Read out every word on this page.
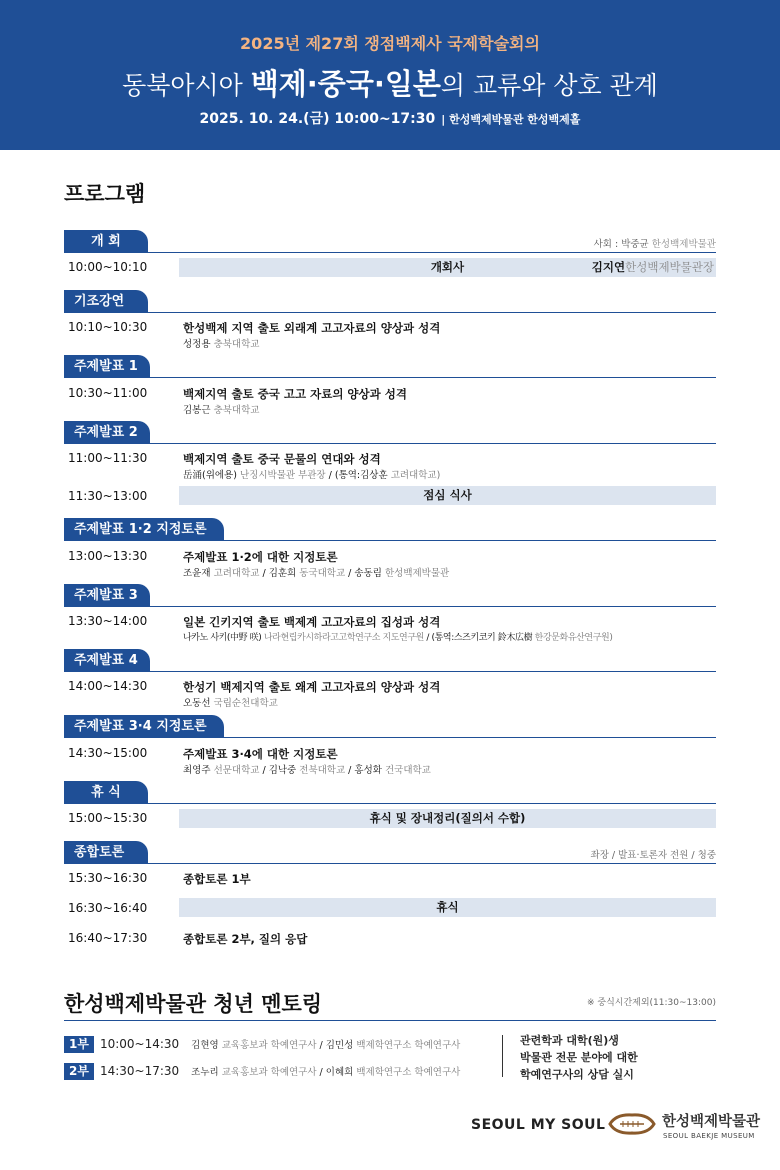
2025년 제27회 쟁점백제사 국제학술회의
동북아시아 백제·중국·일본의 교류와 상호 관계
2025. 10. 24.(금) 10:00~17:30 | 한성백제박물관 한성백제홀
프로그램
개 회	사회 : 박중균 한성백제박물관
10:00~10:10	개회사	김지연한성백제박물관장
기조강연
10:10~10:30	한성백제 지역 출토 외래계 고고자료의 양상과 성격
성정용 충북대학교
주제발표 1
10:30~11:00	백제지역 출토 중국 고고 자료의 양상과 성격
김봉근 충북대학교
주제발표 2
11:00~11:30	백제지역 출토 중국 문물의 연대와 성격
岳涌(위에용) 난징시박물관 부관장 / (통역:김상훈 고려대학교)
11:30~13:00	점심 식사
주제발표 1·2 지정토론
13:00~13:30	주제발표 1·2에 대한 지정토론
조윤재 고려대학교 / 김훈희 동국대학교 / 송동림 한성백제박물관
주제발표 3
13:30~14:00	일본 긴키지역 출토 백제계 고고자료의 집성과 성격
나카노 사키(中野 咲) 나라현립카시하라고고학연구소 지도연구원 / (통역:스즈키코키 鈴木広樹 한강문화유산연구원)
주제발표 4
14:00~14:30	한성기 백제지역 출토 왜계 고고자료의 양상과 성격
오동선 국립순천대학교
주제발표 3·4 지정토론
14:30~15:00	주제발표 3·4에 대한 지정토론
최영주 선문대학교 / 김낙중 전북대학교 / 홍성화 건국대학교
휴 식
15:00~15:30	휴식 및 장내정리(질의서 수합)
종합토론	좌장 / 발표·토론자 전원 / 청중
15:30~16:30	종합토론 1부
16:30~16:40	휴식
16:40~17:30	종합토론 2부, 질의 응답
한성백제박물관 청년 멘토링	※ 중식시간제외(11:30~13:00)
1부 10:00~14:30 김현영 교육홍보과 학예연구사 / 김민성 백제학연구소 학예연구사
2부 14:30~17:30 조누리 교육홍보과 학예연구사 / 이혜희 백제학연구소 학예연구사
관련학과 대학(원)생
박물관 전문 분야에 대한
학예연구사의 상담 실시
SEOUL MY SOUL	한성백제박물관
SEOUL BAEKJE MUSEUM
